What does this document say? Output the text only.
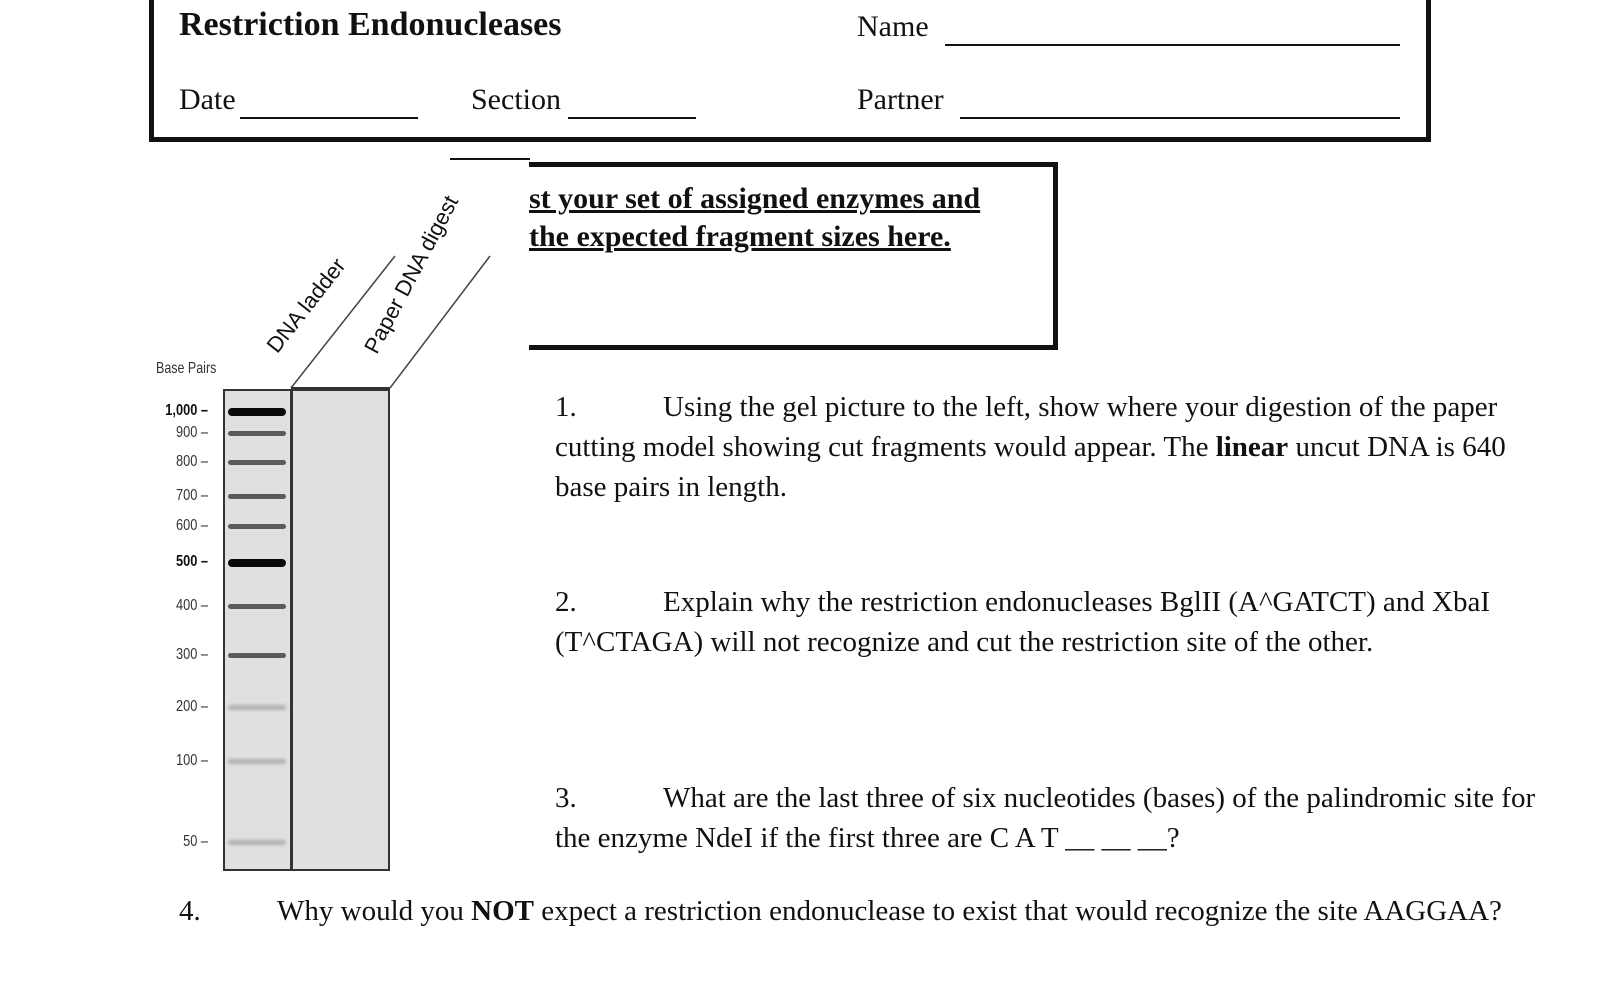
Restriction Endonucleases	Name
Date	Section	Partner
st your set of assigned enzymes and
the expected fragment sizes here.
Base Pairs
1,000 –
900 –
800 –
700 –
600 –
500 –
400 –
300 –
200 –
100 –
50 –
DNA ladder Paper DNA digest
1.	Using the gel picture to the left, show where your digestion of the paper
cutting model showing cut fragments would appear. The linear uncut DNA is 640
base pairs in length.
2.	Explain why the restriction endonucleases BglII (A^GATCT) and XbaI
(T^CTAGA) will not recognize and cut the restriction site of the other.
3.	What are the last three of six nucleotides (bases) of the palindromic site for
the enzyme NdeI if the first three are C A T __ __ __?
4.	Why would you NOT expect a restriction endonuclease to exist that would recognize the site AAGGAA?
